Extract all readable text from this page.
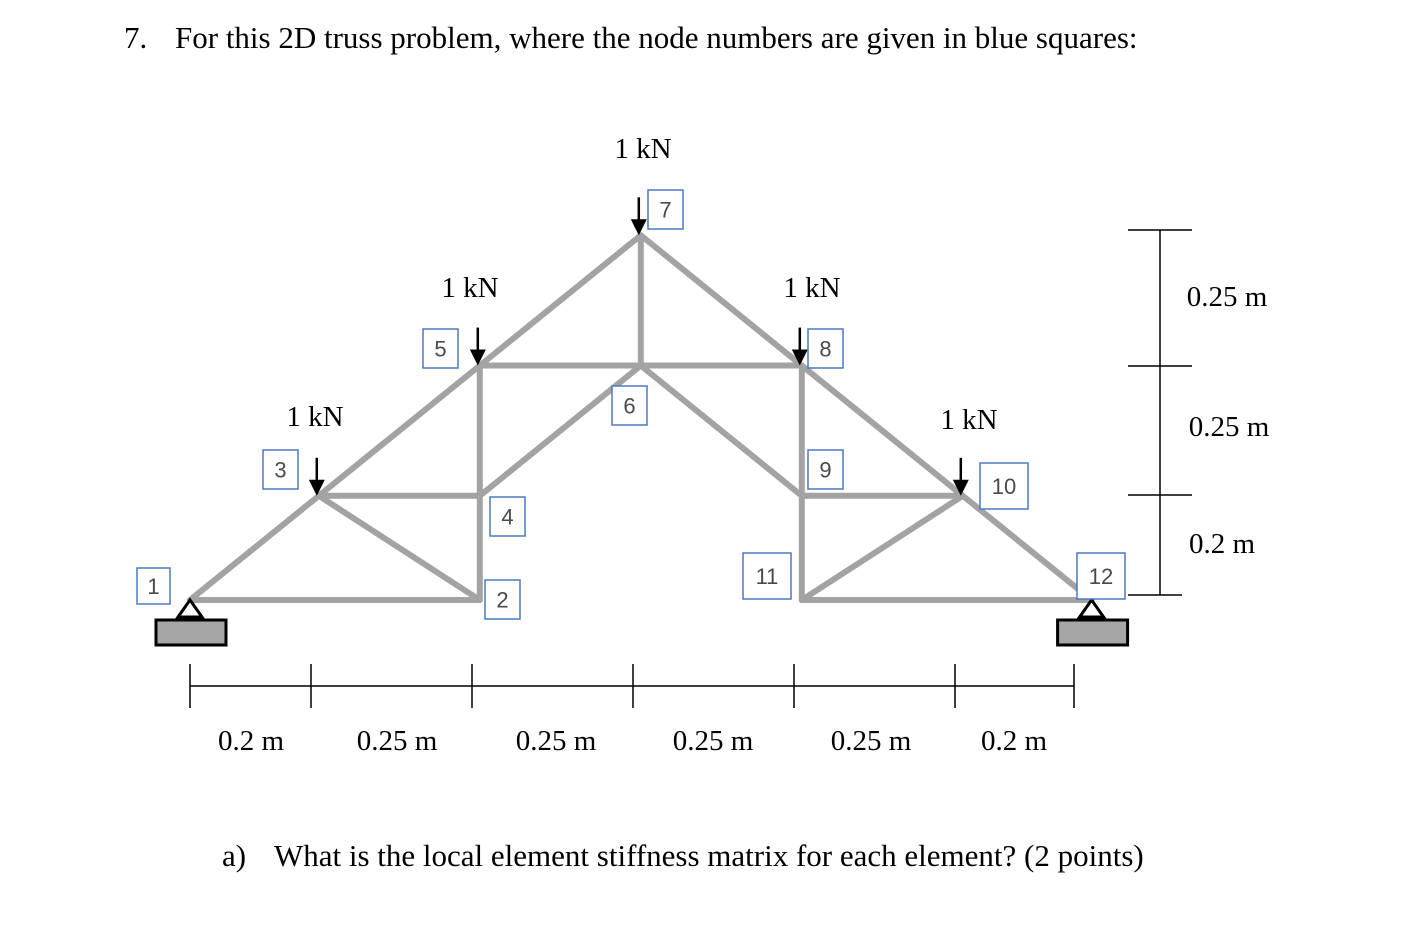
7. For this 2D truss problem, where the node numbers are given in blue squares:
1 kN
1 kN
1 kN
1 kN
1 kN
1
2
3
4
5
6
7
8
9
10
11	12
0.2 m	0.25 m	0.25 m	0.25 m	0.25 m 0.2 m
0.25 m
0.25 m
0.2 m
a) What is the local element stiffness matrix for each element? (2 points)
